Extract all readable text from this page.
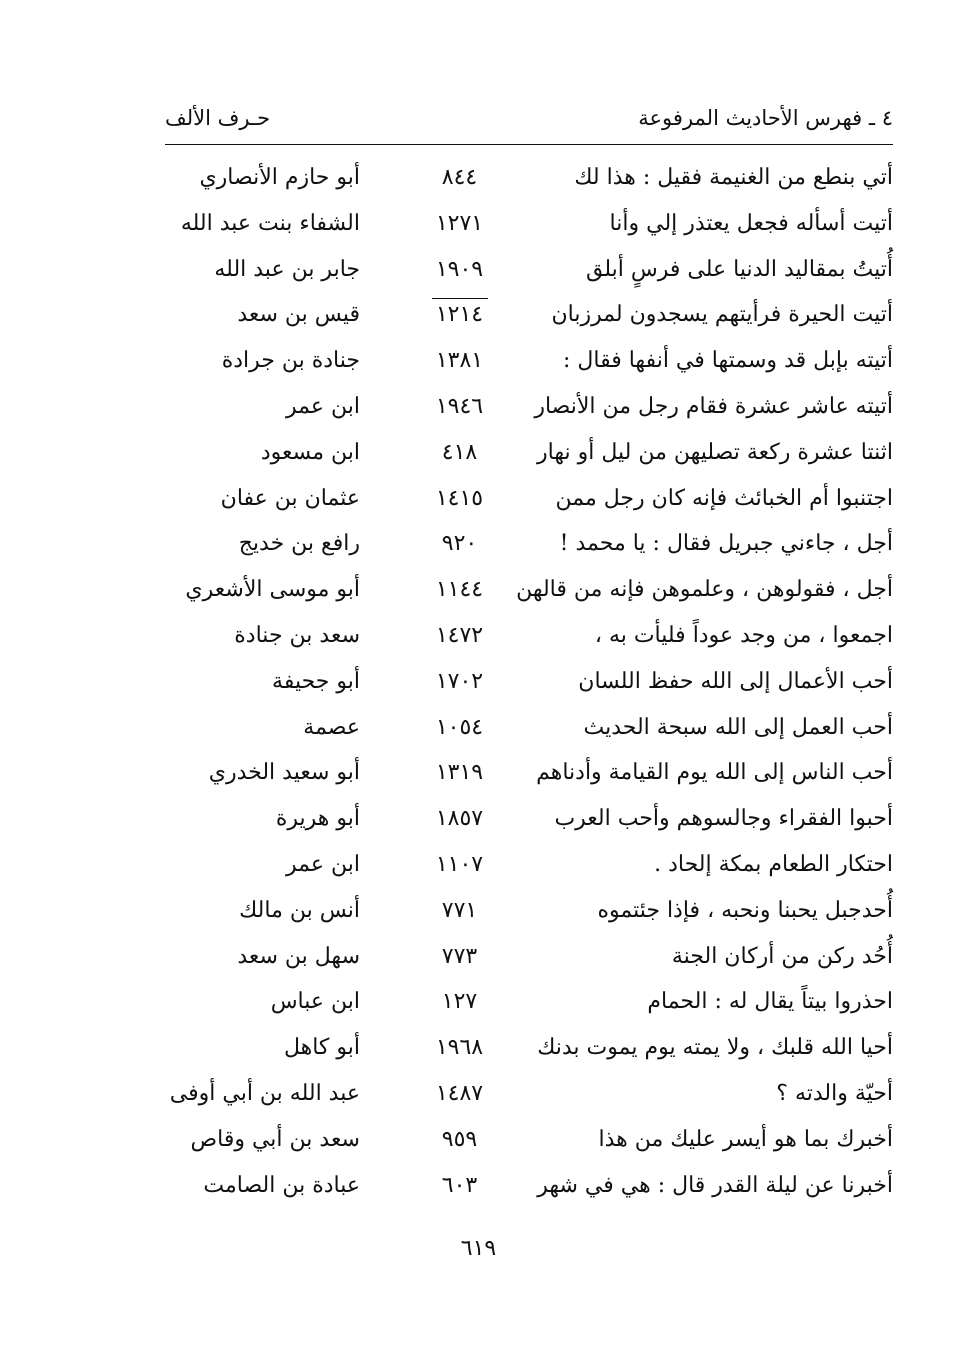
٤ ـ فهرس الأحاديث المرفوعة
حـرف الألف
أتي بنطع من الغنيمة فقيل : هذا لك
٨٤٤
أبو حازم الأنصاري
أتيت أسأله فجعل يعتذر إلي وأنا
١٢٧١
الشفاء بنت عبد الله
أُتيتُ بمقاليد الدنيا على فرسٍ أبلق
١٩٠٩
جابر بن عبد الله
أتيت الحيرة فرأيتهم يسجدون لمرزبان
١٢١٤
قيس بن سعد
أتيته بإبل قد وسمتها في أنفها فقال :
١٣٨١
جنادة بن جرادة
أتيته عاشر عشرة فقام رجل من الأنصار
١٩٤٦
ابن عمر
اثنتا عشرة ركعة تصليهن من ليل أو نهار
٤١٨
ابن مسعود
اجتنبوا أم الخبائث فإنه كان رجل ممن
١٤١٥
عثمان بن عفان
أجل ، جاءني جبريل فقال : يا محمد !
٩٢٠
رافع بن خديج
أجل ، فقولوهن ، وعلموهن فإنه من قالهن
١١٤٤
أبو موسى الأشعري
اجمعوا ، من وجد عوداً فليأت به ،
١٤٧٢
سعد بن جنادة
أحب الأعمال إلى الله حفظ اللسان
١٧٠٢
أبو جحيفة
أحب العمل إلى الله سبحة الحديث
١٠٥٤
عصمة
أحب الناس إلى الله يوم القيامة وأدناهم
١٣١٩
أبو سعيد الخدري
أحبوا الفقراء وجالسوهم وأحب العرب
١٨٥٧
أبو هريرة
احتكار الطعام بمكة إلحاد .
١١٠٧
ابن عمر
أُحدجبل يحبنا ونحبه ، فإذا جئتموه
٧٧١
أنس بن مالك
أُحُد ركن من أركان الجنة
٧٧٣
سهل بن سعد
احذروا بيتاً يقال له : الحمام
١٢٧
ابن عباس
أحيا الله قلبك ، ولا يمته يوم يموت بدنك
١٩٦٨
أبو كاهل
أحيّة والدته ؟
١٤٨٧
عبد الله بن أبي أوفى
أخبرك بما هو أيسر عليك من هذا
٩٥٩
سعد بن أبي وقاص
أخبرنا عن ليلة القدر قال : هي في شهر
٦٠٣
عبادة بن الصامت
٦١٩
